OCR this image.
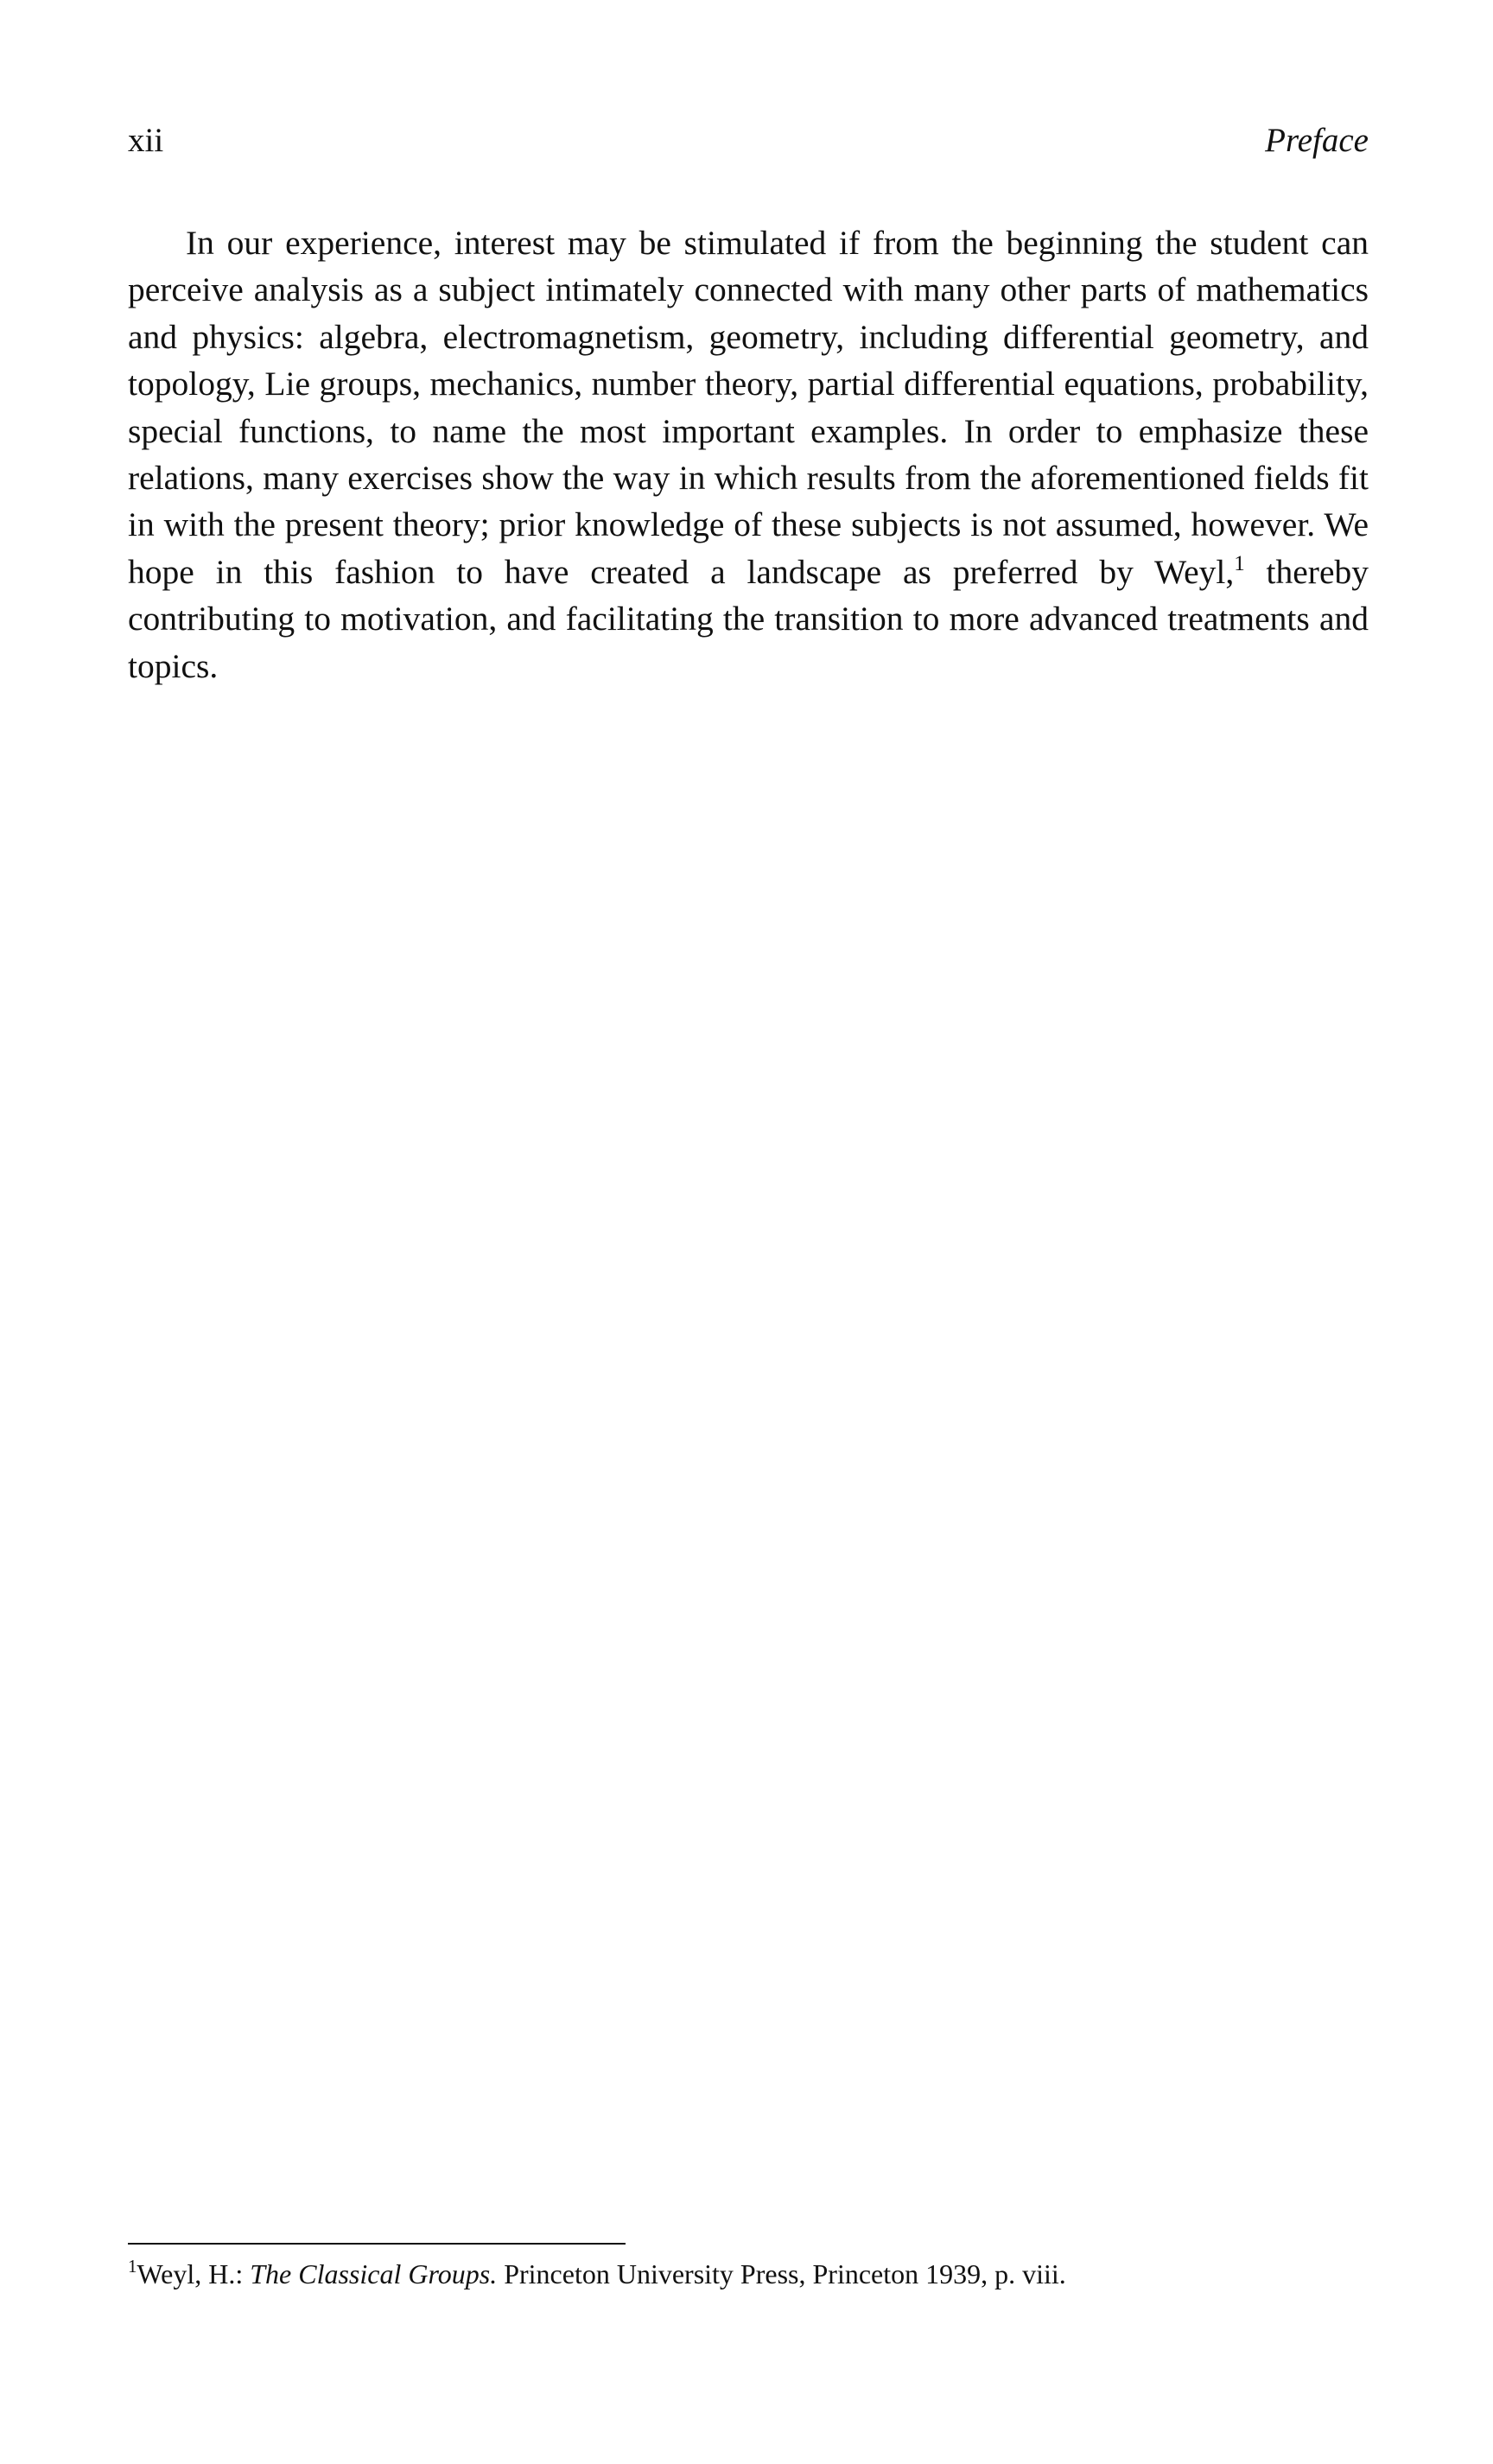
xii	Preface

In our experience, interest may be stimulated if from the beginning the student can perceive analysis as a subject intimately connected with many other parts of mathematics and physics: algebra, electromagnetism, geometry, including differential geometry, and topology, Lie groups, mechanics, number theory, partial differential equations, probability, special functions, to name the most important examples. In order to emphasize these relations, many exercises show the way in which results from the aforementioned fields fit in with the present theory; prior knowledge of these subjects is not assumed, however. We hope in this fashion to have created a landscape as preferred by Weyl,$^1$ thereby contributing to motivation, and facilitating the transition to more advanced treatments and topics.

$^1$Weyl, H.: The Classical Groups. Princeton University Press, Princeton 1939, p. viii.
